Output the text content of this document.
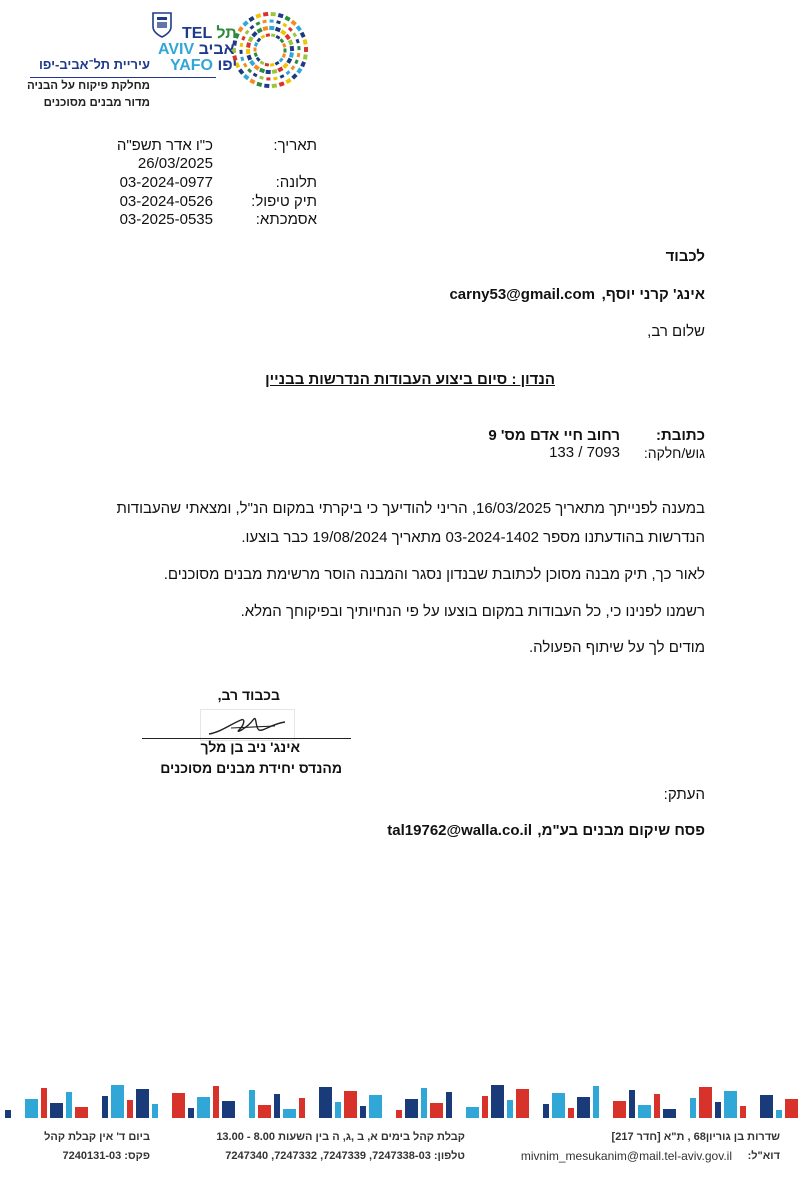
עיריית תל־אביב-יפו
מחלקת פיקוח על הבניה
מדור מבנים מסוכנים
TEL תל
AVIV אביב
YAFO יפו
תאריך:
כ"ו אדר תשפ"ה
26/03/2025
תלונה:
03-2024-0977
תיק טיפול:
03-2024-0526
אסמכתא:
03-2025-0535
לכבוד
אינג' קרני יוסף,
carny53@gmail.com
שלום רב,
הנדון : סיום ביצוע העבודות הנדרשות בבניין
כתובת:
רחוב חיי אדם מס' 9
גוש/חלקה:
133 / 7093
במענה לפנייתך מתאריך 16/03/2025, הריני להודיעך כי ביקרתי במקום הנ"ל, ומצאתי שהעבודות
הנדרשות בהודעתנו מספר 03-2024-1402 מתאריך 19/08/2024 כבר בוצעו.
לאור כך, תיק מבנה מסוכן לכתובת שבנדון נסגר והמבנה הוסר מרשימת מבנים מסוכנים.
רשמנו לפנינו כי, כל העבודות במקום בוצעו על פי הנחיותיך ובפיקוחך המלא.
מודים לך על שיתוף הפעולה.
בכבוד רב,
אינג' ניב בן מלך
מהנדס יחידת מבנים מסוכנים
העתק:
פסח שיקום מבנים בע"מ,
tal19762@walla.co.il
שדרות בן גוריון68 , ת"א [חדר 217]
דוא"ל:
mivnim_mesukanim@mail.tel-aviv.gov.il
קבלת קהל בימים א, ב ,ג, ה בין השעות 8.00 - 13.00
טלפון: 7247338-03, 7247339, 7247332, 7247340
ביום ד' אין קבלת קהל
פקס: 7240131-03
